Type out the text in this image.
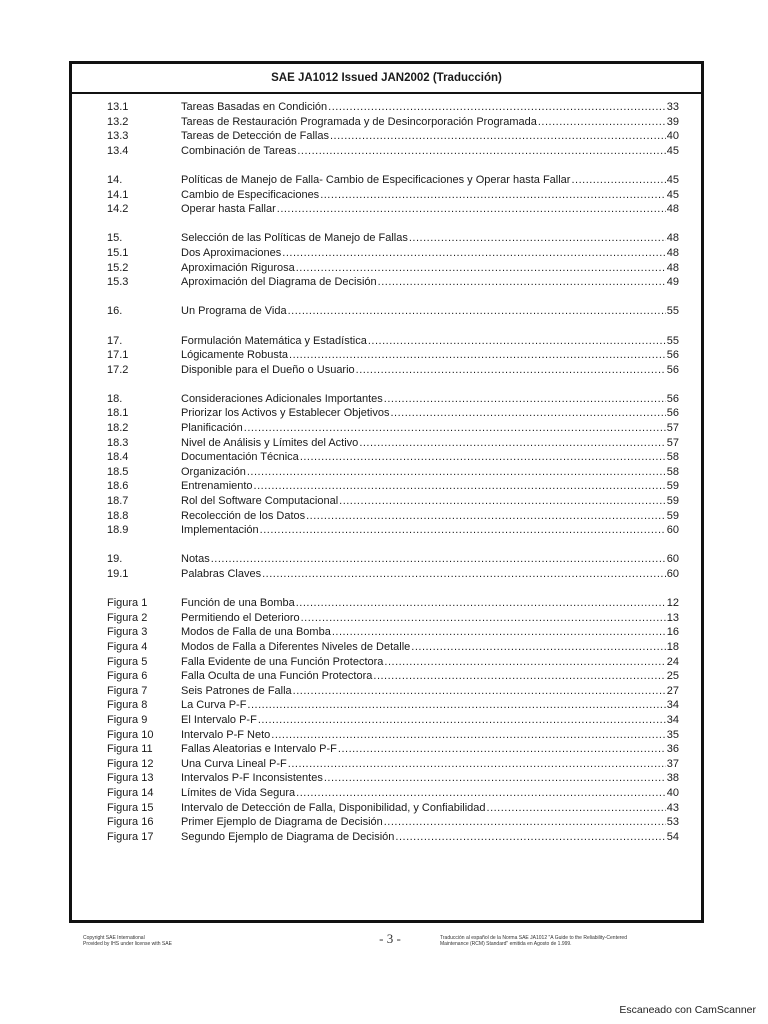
SAE JA1012 Issued JAN2002 (Traducción)
13.1	Tareas Basadas en Condición .....	33
13.2	Tareas de Restauración Programada y de Desincorporación Programada .....	39
13.3	Tareas de Detección de Fallas .....	40
13.4	Combinación de Tareas .....	45
14.	Políticas de Manejo de Falla- Cambio de Especificaciones y Operar hasta Fallar .....	45
14.1	Cambio de Especificaciones .....	45
14.2	Operar hasta Fallar .....	48
15.	Selección de las Políticas de Manejo de Fallas .....	48
15.1	Dos Aproximaciones .....	48
15.2	Aproximación Rigurosa .....	48
15.3	Aproximación del Diagrama de Decisión .....	49
16.	Un Programa de Vida .....	55
17.	Formulación Matemática y Estadística .....	55
17.1	Lógicamente Robusta .....	56
17.2	Disponible para el Dueño o Usuario .....	56
18.	Consideraciones Adicionales Importantes .....	56
18.1	Priorizar los Activos y Establecer Objetivos .....	56
18.2	Planificación .....	57
18.3	Nivel de Análisis y Límites del Activo .....	57
18.4	Documentación Técnica .....	58
18.5	Organización .....	58
18.6	Entrenamiento .....	59
18.7	Rol del Software Computacional .....	59
18.8	Recolección de los Datos .....	59
18.9	Implementación .....	60
19.	Notas .....	60
19.1	Palabras Claves .....	60
Figura 1	Función de una Bomba .....	12
Figura 2	Permitiendo el Deterioro .....	13
Figura 3	Modos de Falla de una Bomba .....	16
Figura 4	Modos de Falla a Diferentes Niveles de Detalle .....	18
Figura 5	Falla Evidente de una Función Protectora .....	24
Figura 6	Falla Oculta de una Función Protectora .....	25
Figura 7	Seis Patrones de Falla .....	27
Figura 8	La Curva P-F .....	34
Figura 9	El Intervalo P-F .....	34
Figura 10	Intervalo P-F Neto .....	35
Figura 11	Fallas Aleatorias e Intervalo P-F .....	36
Figura 12	Una Curva Lineal P-F .....	37
Figura 13	Intervalos P-F Inconsistentes .....	38
Figura 14	Límites de Vida Segura .....	40
Figura 15	Intervalo de Detección de Falla, Disponibilidad, y Confiabilidad .....	43
Figura 16	Primer Ejemplo de Diagrama de Decisión .....	53
Figura 17	Segundo Ejemplo de Diagrama de Decisión .....	54
Copyright SAE International
Provided by IHS under license with SAE	- 3 -	Traducción al español de la Norma SAE JA1012 "A Guide to the Reliability-Centered
Maintenance (RCM) Standard" emitida en Agosto de 1.999.
Escaneado con CamScanner
